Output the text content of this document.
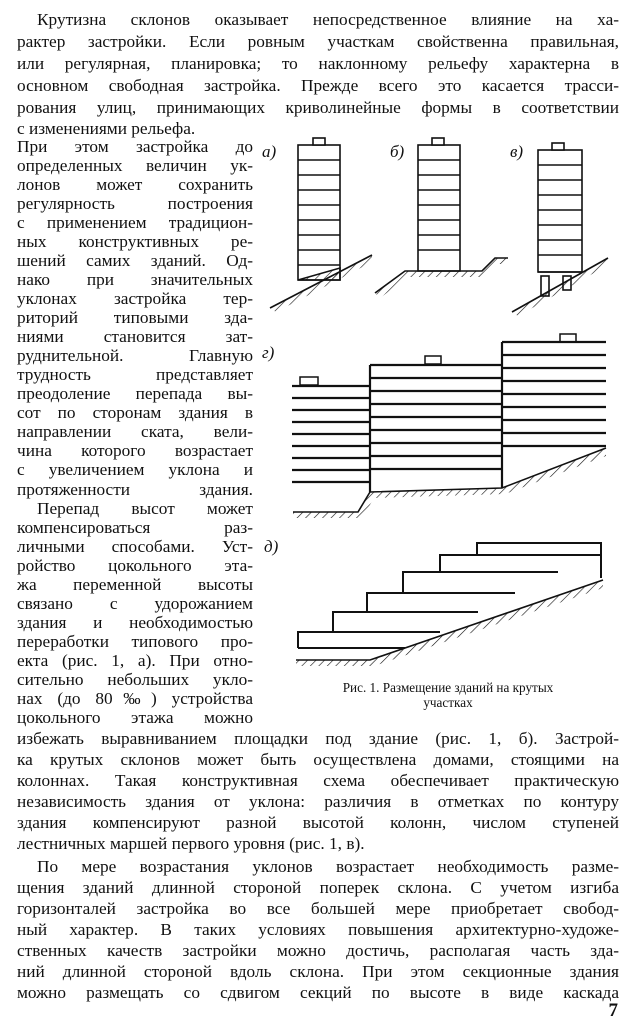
Крутизна склонов оказывает непосредственное влияние на ха-

рактер застройки. Если ровным участкам свойственна правильная,

или регулярная, планировка; то наклонному рельефу характерна в

основном свободная застройка. Прежде всего это касается трасси-

рования улиц, принимающих криволинейные формы в соответствии

с изменениями рельефа.

При этом застройка до

определенных величин ук-

лонов может сохранить

регулярность построения

с применением традицион-

ных конструктивных ре-

шений самих зданий. Од-

нако при значительных

уклонах застройка тер-

риторий типовыми зда-

ниями становится зат-

руднительной. Главную

трудность представляет

преодоление перепада вы-

сот по сторонам здания в

направлении ската, вели-

чина которого возрастает

с увеличением уклона и

протяженности здания.

Перепад высот может

компенсироваться раз-

личными способами. Уст-

ройство цокольного эта-

жа переменной высоты

связано с удорожанием

здания и необходимостью

переработки типового про-

екта (рис. 1, а). При отно-

сительно небольших укло-

нах (до 80‰) устройства

цокольного этажа можно

избежать выравниванием площадки под здание (рис. 1, б). Застрой-

ка крутых склонов может быть осуществлена домами, стоящими на

колоннах. Такая конструктивная схема обеспечивает практическую

независимость здания от уклона: различия в отметках по контуру

здания компенсируют разной высотой колонн, числом ступеней

лестничных маршей первого уровня (рис. 1, в).

По мере возрастания уклонов возрастает необходимость разме-

щения зданий длинной стороной поперек склона. С учетом изгиба

горизонталей застройка во все большей мере приобретает свобод-

ный характер. В таких условиях повышения архитектурно-художе-

ственных качеств застройки можно достичь, располагая часть зда-

ний длинной стороной вдоль склона. При этом секционные здания

можно размещать со сдвигом секций по высоте в виде каскада

а)	б)	в)
г)
д)
Рис. 1. Размещение зданий на крутых
участках
7
